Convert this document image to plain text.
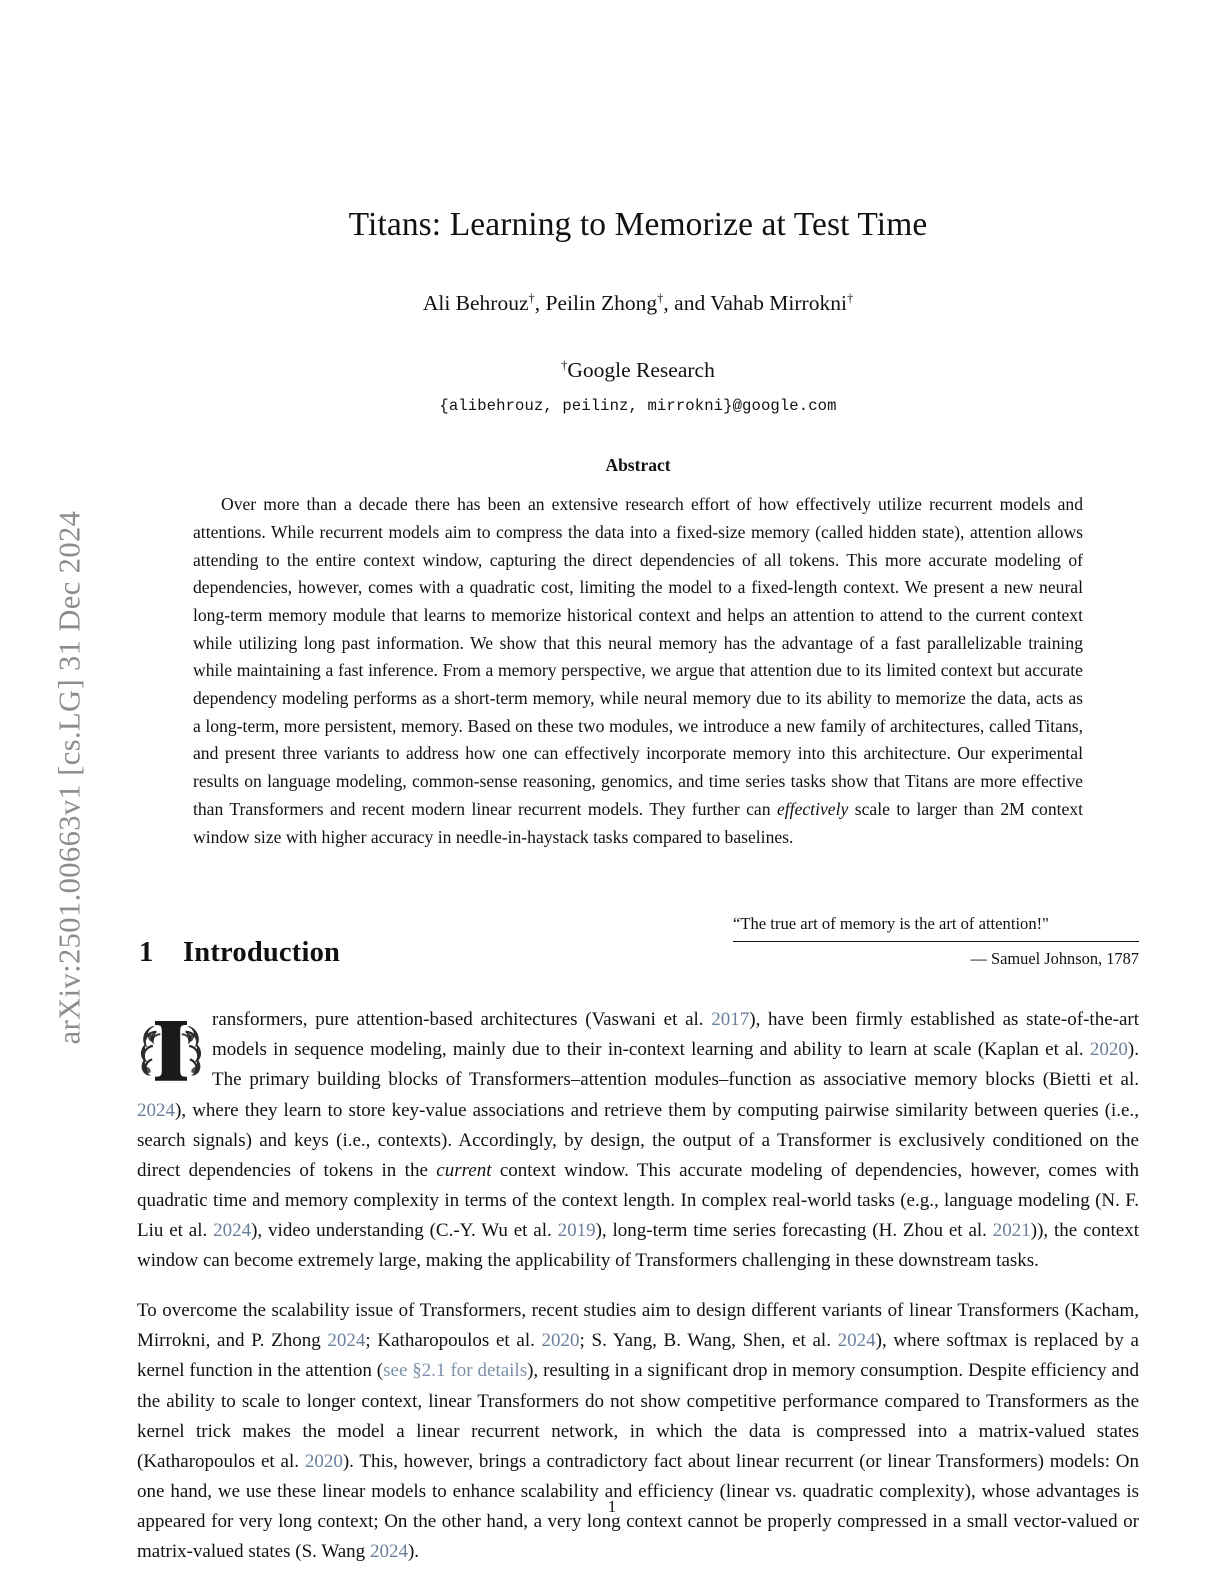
arXiv:2501.00663v1 [cs.LG] 31 Dec 2024
Titans: Learning to Memorize at Test Time

Ali Behrouz†, Peilin Zhong†, and Vahab Mirrokni†

†Google Research

{alibehrouz, peilinz, mirrokni}@google.com

Abstract

Over more than a decade there has been an extensive research effort of how effectively utilize recurrent models and attentions. While recurrent models aim to compress the data into a fixed-size memory (called hidden state), attention allows attending to the entire context window, capturing the direct dependencies of all tokens. This more accurate modeling of dependencies, however, comes with a quadratic cost, limiting the model to a fixed-length context. We present a new neural long-term memory module that learns to memorize historical context and helps an attention to attend to the current context while utilizing long past information. We show that this neural memory has the advantage of a fast parallelizable training while maintaining a fast inference. From a memory perspective, we argue that attention due to its limited context but accurate dependency modeling performs as a short-term memory, while neural memory due to its ability to memorize the data, acts as a long-term, more persistent, memory. Based on these two modules, we introduce a new family of architectures, called Titans, and present three variants to address how one can effectively incorporate memory into this architecture. Our experimental results on language modeling, common-sense reasoning, genomics, and time series tasks show that Titans are more effective than Transformers and recent modern linear recurrent models. They further can effectively scale to larger than 2M context window size with higher accuracy in needle-in-haystack tasks compared to baselines.

1 Introduction
“The true art of memory is the art of attention!"
— Samuel Johnson, 1787

ransformers, pure attention-based architectures (Vaswani et al. 2017), have been firmly established as state-of-the-art models in sequence modeling, mainly due to their in-context learning and ability to learn at scale (Kaplan et al. 2020). The primary building blocks of Transformers–attention modules–function as associative memory blocks (Bietti et al. 2024), where they learn to store key-value associations and retrieve them by computing pairwise similarity between queries (i.e., search signals) and keys (i.e., contexts). Accordingly, by design, the output of a Transformer is exclusively conditioned on the direct dependencies of tokens in the current context window. This accurate modeling of dependencies, however, comes with quadratic time and memory complexity in terms of the context length. In complex real-world tasks (e.g., language modeling (N. F. Liu et al. 2024), video understanding (C.-Y. Wu et al. 2019), long-term time series forecasting (H. Zhou et al. 2021)), the context window can become extremely large, making the applicability of Transformers challenging in these downstream tasks.

To overcome the scalability issue of Transformers, recent studies aim to design different variants of linear Transformers (Kacham, Mirrokni, and P. Zhong 2024; Katharopoulos et al. 2020; S. Yang, B. Wang, Shen, et al. 2024), where softmax is replaced by a kernel function in the attention (see §2.1 for details), resulting in a significant drop in memory consumption. Despite efficiency and the ability to scale to longer context, linear Transformers do not show competitive performance compared to Transformers as the kernel trick makes the model a linear recurrent network, in which the data is compressed into a matrix-valued states (Katharopoulos et al. 2020). This, however, brings a contradictory fact about linear recurrent (or linear Transformers) models: On one hand, we use these linear models to enhance scalability and efficiency (linear vs. quadratic complexity), whose advantages is appeared for very long context; On the other hand, a very long context cannot be properly compressed in a small vector-valued or matrix-valued states (S. Wang 2024).

1
